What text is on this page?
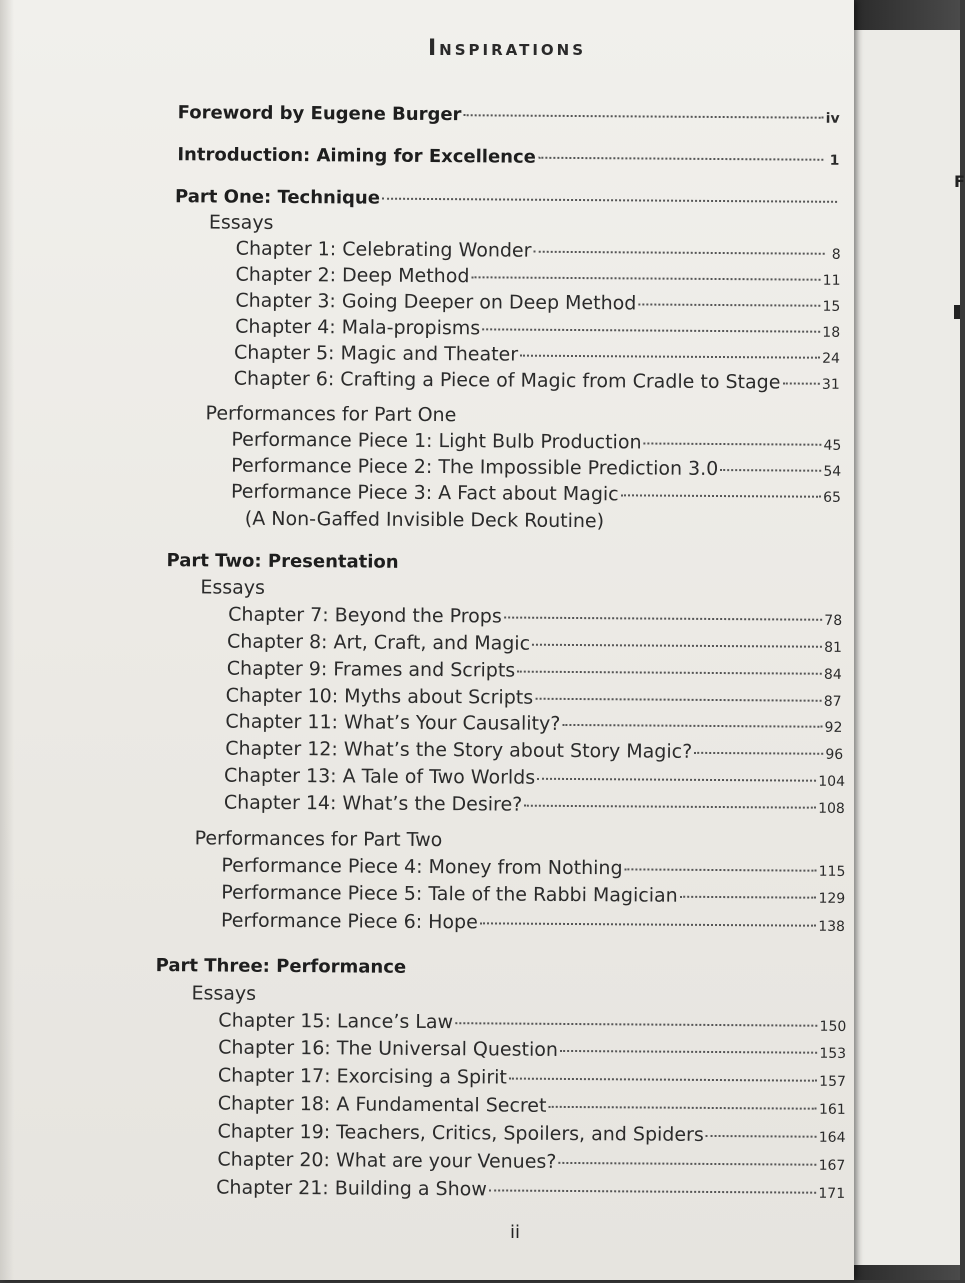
F
Inspirations
Foreword by Eugene Burger	iv
Introduction: Aiming for Excellence	1
Part One: Technique
Essays
Chapter 1: Celebrating Wonder	8
Chapter 2: Deep Method	11
Chapter 3: Going Deeper on Deep Method	15
Chapter 4: Mala-propisms	18
Chapter 5: Magic and Theater	24
Chapter 6: Crafting a Piece of Magic from Cradle to Stage	31
Performances for Part One
Performance Piece 1: Light Bulb Production	45
Performance Piece 2: The Impossible Prediction 3.0	54
Performance Piece 3: A Fact about Magic	65
(A Non-Gaffed Invisible Deck Routine)
Part Two: Presentation
Essays
Chapter 7: Beyond the Props	78
Chapter 8: Art, Craft, and Magic	81
Chapter 9: Frames and Scripts	84
Chapter 10: Myths about Scripts	87
Chapter 11: What’s Your Causality?	92
Chapter 12: What’s the Story about Story Magic?	96
Chapter 13: A Tale of Two Worlds	104
Chapter 14: What’s the Desire?	108
Performances for Part Two
Performance Piece 4: Money from Nothing	115
Performance Piece 5: Tale of the Rabbi Magician	129
Performance Piece 6: Hope	138
Part Three: Performance
Essays
Chapter 15: Lance’s Law	150
Chapter 16: The Universal Question	153
Chapter 17: Exorcising a Spirit	157
Chapter 18: A Fundamental Secret	161
Chapter 19: Teachers, Critics, Spoilers, and Spiders	164
Chapter 20: What are your Venues?	167
Chapter 21: Building a Show	171
ii
